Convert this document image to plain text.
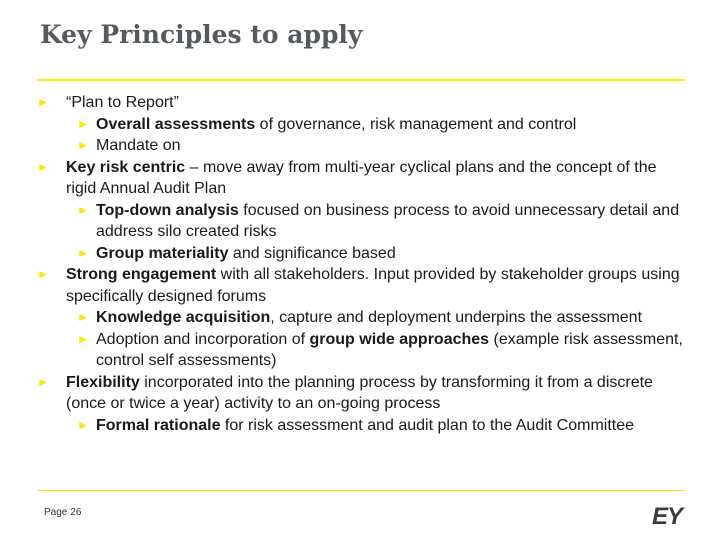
Key Principles to apply
► “Plan to Report”
► Overall assessments of governance, risk management and control
► Mandate on
► Key risk centric – move away from multi-year cyclical plans and the concept of the rigid Annual Audit Plan
► Top-down analysis focused on business process to avoid unnecessary detail and address silo created risks
► Group materiality and significance based
► Strong engagement with all stakeholders. Input provided by stakeholder groups using specifically designed forums
► Knowledge acquisition, capture and deployment underpins the assessment
► Adoption and incorporation of group wide approaches (example risk assessment, control self assessments)
► Flexibility incorporated into the planning process by transforming it from a discrete (once or twice a year) activity to an on-going process
► Formal rationale for risk assessment and audit plan to the Audit Committee
Page 26	EY
